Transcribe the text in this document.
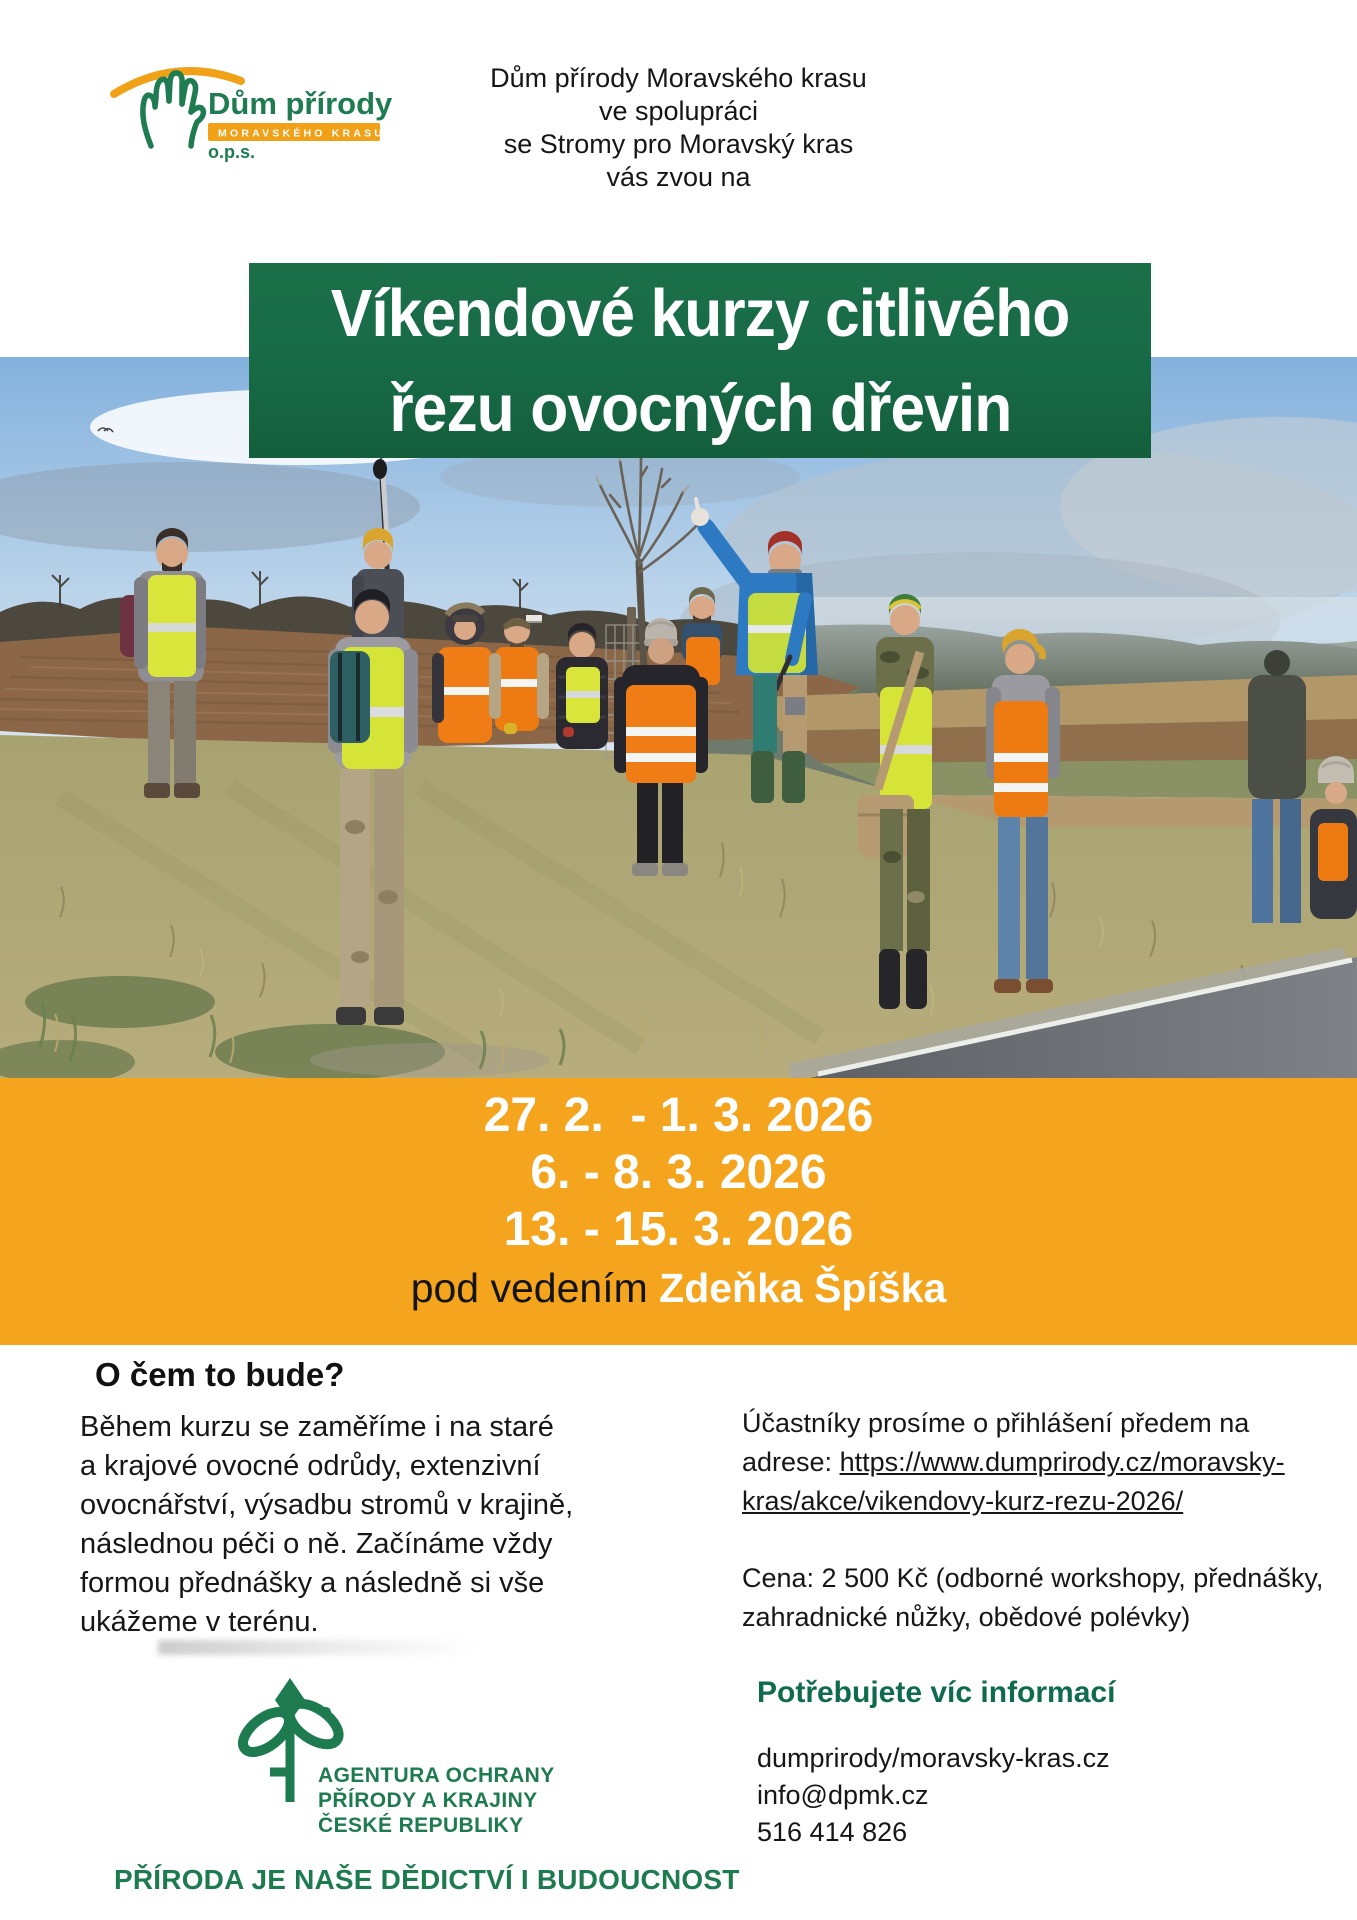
Dům přírody
MORAVSKÉHO KRASU
o.p.s.
Dům přírody Moravského krasu
ve spolupráci
se Stromy pro Moravský kras
vás zvou na
Víkendové kurzy citlivého
řezu ovocných dřevin
27. 2.  - 1. 3. 2026
6. - 8. 3. 2026
13. - 15. 3. 2026
pod vedením Zdeňka Špíška
O čem to bude?
Během kurzu se zaměříme i na staré a krajové ovocné odrůdy, extenzivní ovocnářství, výsadbu stromů v krajině, následnou péči o ně. Začínáme vždy formou přednášky a následně si vše ukážeme v terénu.
Účastníky prosíme o přihlášení předem na adrese: https://www.dumprirody.cz/moravsky-kras/akce/vikendovy-kurz-rezu-2026/
Cena: 2 500 Kč (odborné workshopy, přednášky, zahradnické nůžky, obědové polévky)
AGENTURA OCHRANY
PŘÍRODY A KRAJINY
ČESKÉ REPUBLIKY
PŘÍRODA JE NAŠE DĚDICTVÍ I BUDOUCNOST
Potřebujete víc informací
dumprirody/moravsky-kras.cz
info@dpmk.cz
516 414 826
